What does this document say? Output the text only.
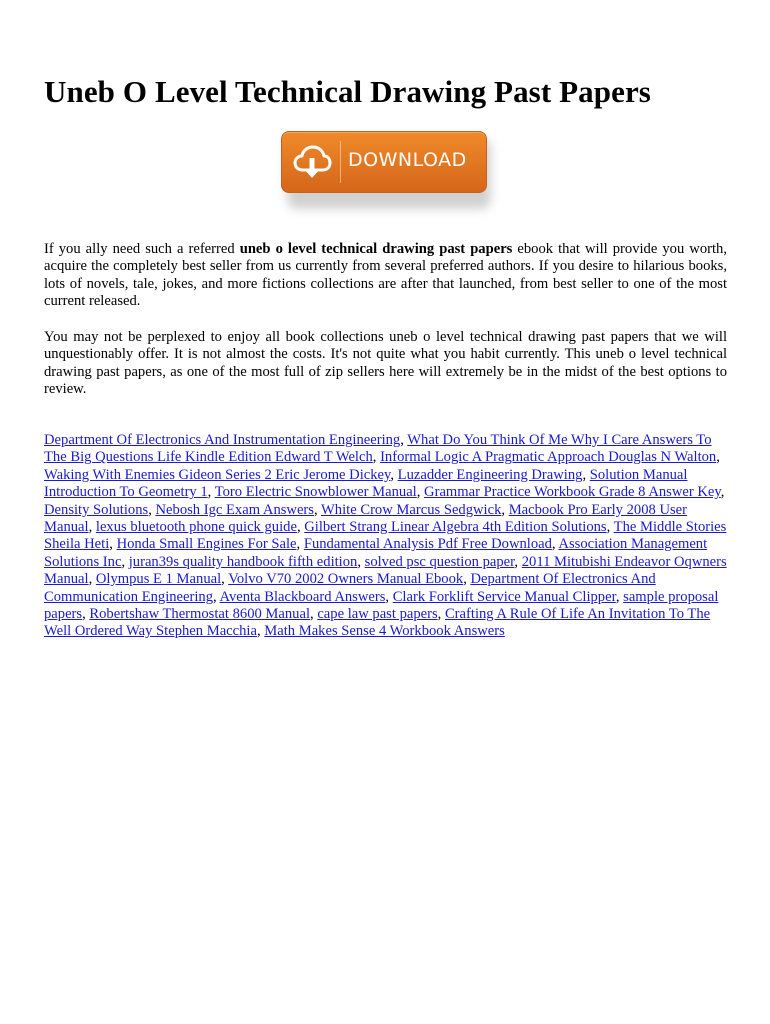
Uneb O Level Technical Drawing Past Papers
DOWNLOAD

If you ally need such a referred uneb o level technical drawing past papers ebook that will provide you worth, acquire the completely best seller from us currently from several preferred authors. If you desire to hilarious books, lots of novels, tale, jokes, and more fictions collections are after that launched, from best seller to one of the most current released.

You may not be perplexed to enjoy all book collections uneb o level technical drawing past papers that we will unquestionably offer. It is not almost the costs. It's not quite what you habit currently. This uneb o level technical drawing past papers, as one of the most full of zip sellers here will extremely be in the midst of the best options to review.

Department Of Electronics And Instrumentation Engineering, What Do You Think Of Me Why I Care Answers To The Big Questions Life Kindle Edition Edward T Welch, Informal Logic A Pragmatic Approach Douglas N Walton, Waking With Enemies Gideon Series 2 Eric Jerome Dickey, Luzadder Engineering Drawing, Solution Manual Introduction To Geometry 1, Toro Electric Snowblower Manual, Grammar Practice Workbook Grade 8 Answer Key, Density Solutions, Nebosh Igc Exam Answers, White Crow Marcus Sedgwick, Macbook Pro Early 2008 User Manual, lexus bluetooth phone quick guide, Gilbert Strang Linear Algebra 4th Edition Solutions, The Middle Stories Sheila Heti, Honda Small Engines For Sale, Fundamental Analysis Pdf Free Download, Association Management Solutions Inc, juran39s quality handbook fifth edition, solved psc question paper, 2011 Mitubishi Endeavor Oqwners Manual, Olympus E 1 Manual, Volvo V70 2002 Owners Manual Ebook, Department Of Electronics And Communication Engineering, Aventa Blackboard Answers, Clark Forklift Service Manual Clipper, sample proposal papers, Robertshaw Thermostat 8600 Manual, cape law past papers, Crafting A Rule Of Life An Invitation To The Well Ordered Way Stephen Macchia, Math Makes Sense 4 Workbook Answers
